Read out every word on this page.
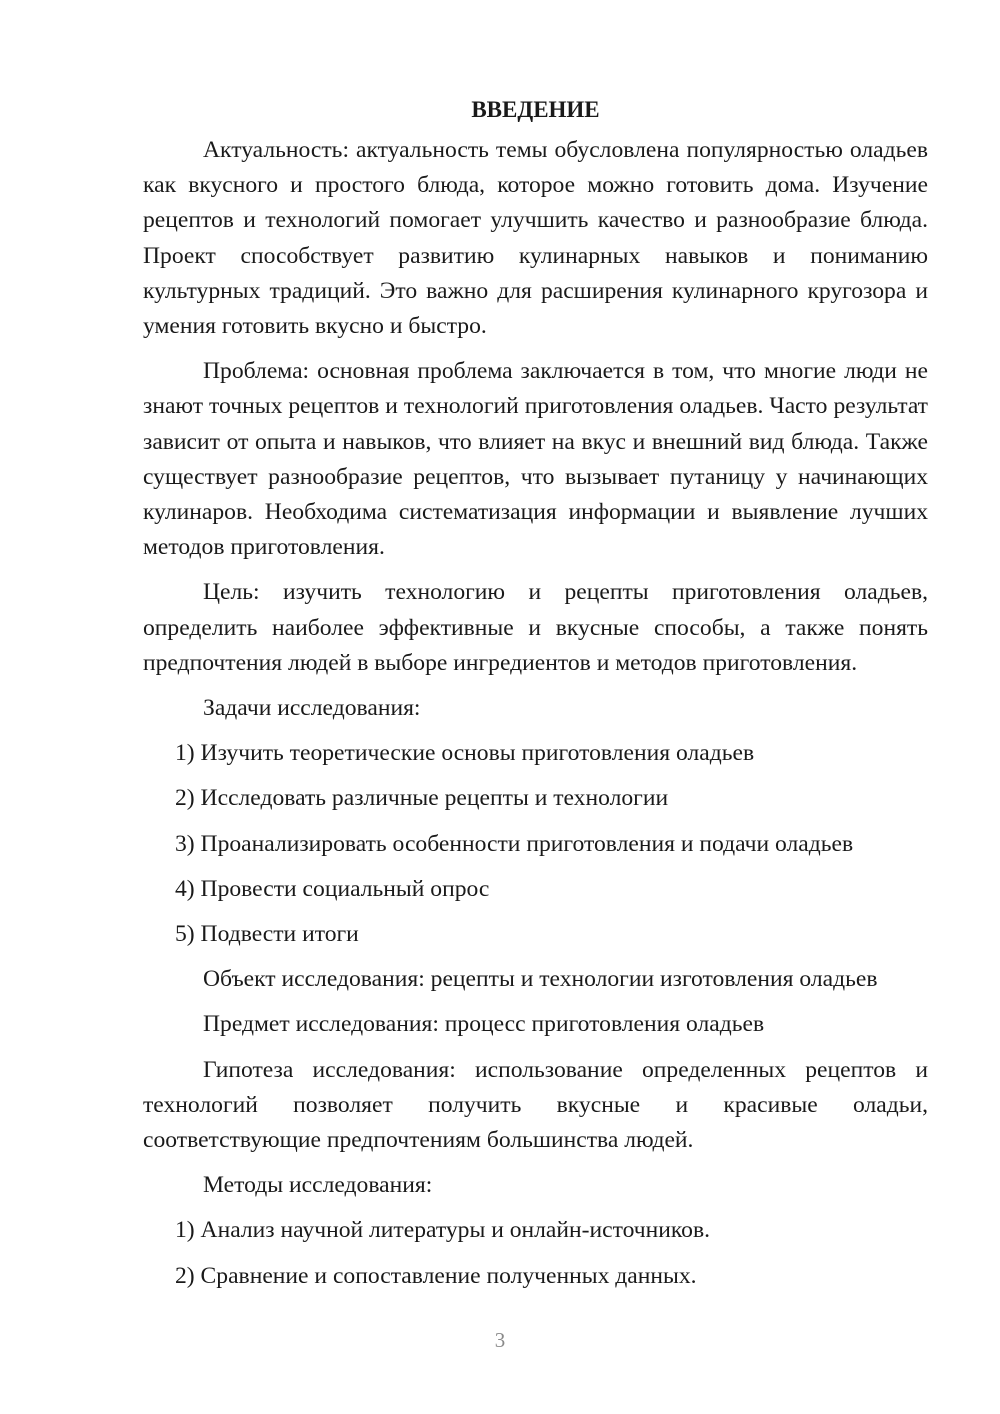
ВВЕДЕНИЕ

Актуальность: актуальность темы обусловлена популярностью оладьев как вкусного и простого блюда, которое можно готовить дома. Изучение рецептов и технологий помогает улучшить качество и разнообразие блюда. Проект способствует развитию кулинарных навыков и пониманию культурных традиций. Это важно для расширения кулинарного кругозора и умения готовить вкусно и быстро.

Проблема: основная проблема заключается в том, что многие люди не знают точных рецептов и технологий приготовления оладьев. Часто результат зависит от опыта и навыков, что влияет на вкус и внешний вид блюда. Также существует разнообразие рецептов, что вызывает путаницу у начинающих кулинаров. Необходима систематизация информации и выявление лучших методов приготовления.

Цель: изучить технологию и рецепты приготовления оладьев, определить наиболее эффективные и вкусные способы, а также понять предпочтения людей в выборе ингредиентов и методов приготовления.

Задачи исследования:

1) Изучить теоретические основы приготовления оладьев

2) Исследовать различные рецепты и технологии

3) Проанализировать особенности приготовления и подачи оладьев

4) Провести социальный опрос

5) Подвести итоги

Объект исследования: рецепты и технологии изготовления оладьев

Предмет исследования: процесс приготовления оладьев

Гипотеза исследования: использование определенных рецептов и технологий позволяет получить вкусные и красивые оладьи, соответствующие предпочтениям большинства людей.

Методы исследования:

1) Анализ научной литературы и онлайн-источников.

2) Сравнение и сопоставление полученных данных.

3
